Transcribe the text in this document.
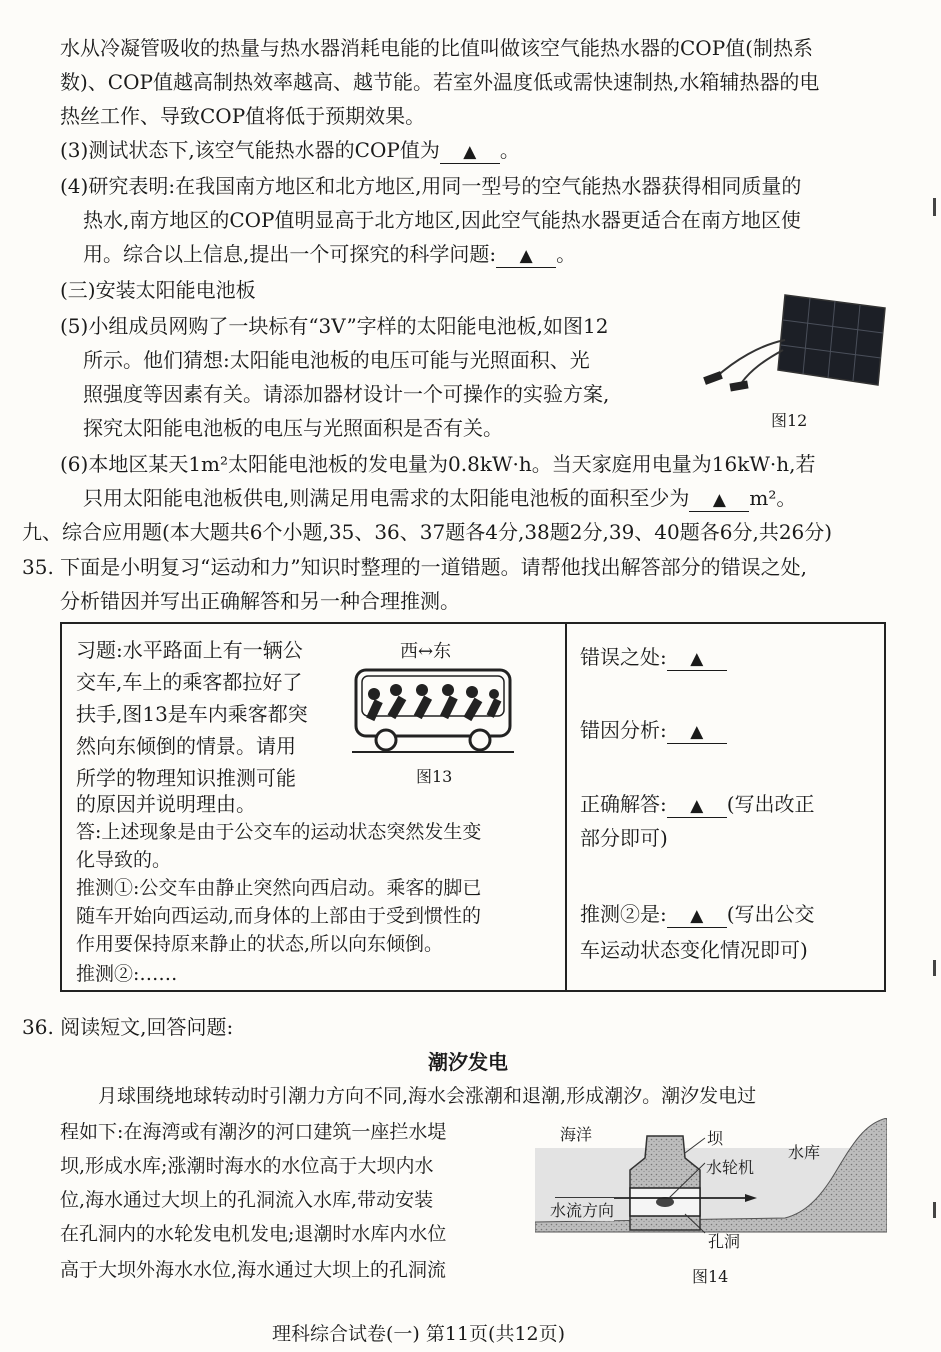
水从冷凝管吸收的热量与热水器消耗电能的比值叫做该空气能热水器的COP值(制热系
数)、COP值越高制热效率越高、越节能。若室外温度低或需快速制热,水箱辅热器的电
热丝工作、导致COP值将低于预期效果。
(3)测试状态下,该空气能热水器的COP值为 ▲ 。
(4)研究表明:在我国南方地区和北方地区,用同一型号的空气能热水器获得相同质量的
热水,南方地区的COP值明显高于北方地区,因此空气能热水器更适合在南方地区使
用。综合以上信息,提出一个可探究的科学问题: ▲ 。
(三)安装太阳能电池板
(5)小组成员网购了一块标有“3V”字样的太阳能电池板,如图12
所示。他们猜想:太阳能电池板的电压可能与光照面积、光
照强度等因素有关。请添加器材设计一个可操作的实验方案,
探究太阳能电池板的电压与光照面积是否有关。	图12
(6)本地区某天1m²太阳能电池板的发电量为0.8kW·h。当天家庭用电量为16kW·h,若
只用太阳能电池板供电,则满足用电需求的太阳能电池板的面积至少为 ▲ m²。
九、综合应用题(本大题共6个小题,35、36、37题各4分,38题2分,39、40题各6分,共26分)
35. 下面是小明复习“运动和力”知识时整理的一道错题。请帮他找出解答部分的错误之处,
分析错因并写出正确解答和另一种合理推测。
习题:水平路面上有一辆公
交车,车上的乘客都拉好了
扶手,图13是车内乘客都突
然向东倾倒的情景。请用
所学的物理知识推测可能
的原因并说明理由。
西↔东
图13
答:上述现象是由于公交车的运动状态突然发生变
化导致的。
推测①:公交车由静止突然向西启动。乘客的脚已
随车开始向西运动,而身体的上部由于受到惯性的
作用要保持原来静止的状态,所以向东倾倒。
推测②:……
错误之处: ▲
错因分析: ▲
正确解答: ▲ (写出改正
部分即可)
推测②是: ▲ (写出公交
车运动状态变化情况即可)
36. 阅读短文,回答问题:
潮汐发电
月球围绕地球转动时引潮力方向不同,海水会涨潮和退潮,形成潮汐。潮汐发电过
程如下:在海湾或有潮汐的河口建筑一座拦水堤
坝,形成水库;涨潮时海水的水位高于大坝内水
位,海水通过大坝上的孔洞流入水库,带动安装
在孔洞内的水轮发电机发电;退潮时水库内水位
高于大坝外海水水位,海水通过大坝上的孔洞流
海洋	坝
水库
水轮机
水流方向
孔洞
图14
理科综合试卷(一) 第11页(共12页)
